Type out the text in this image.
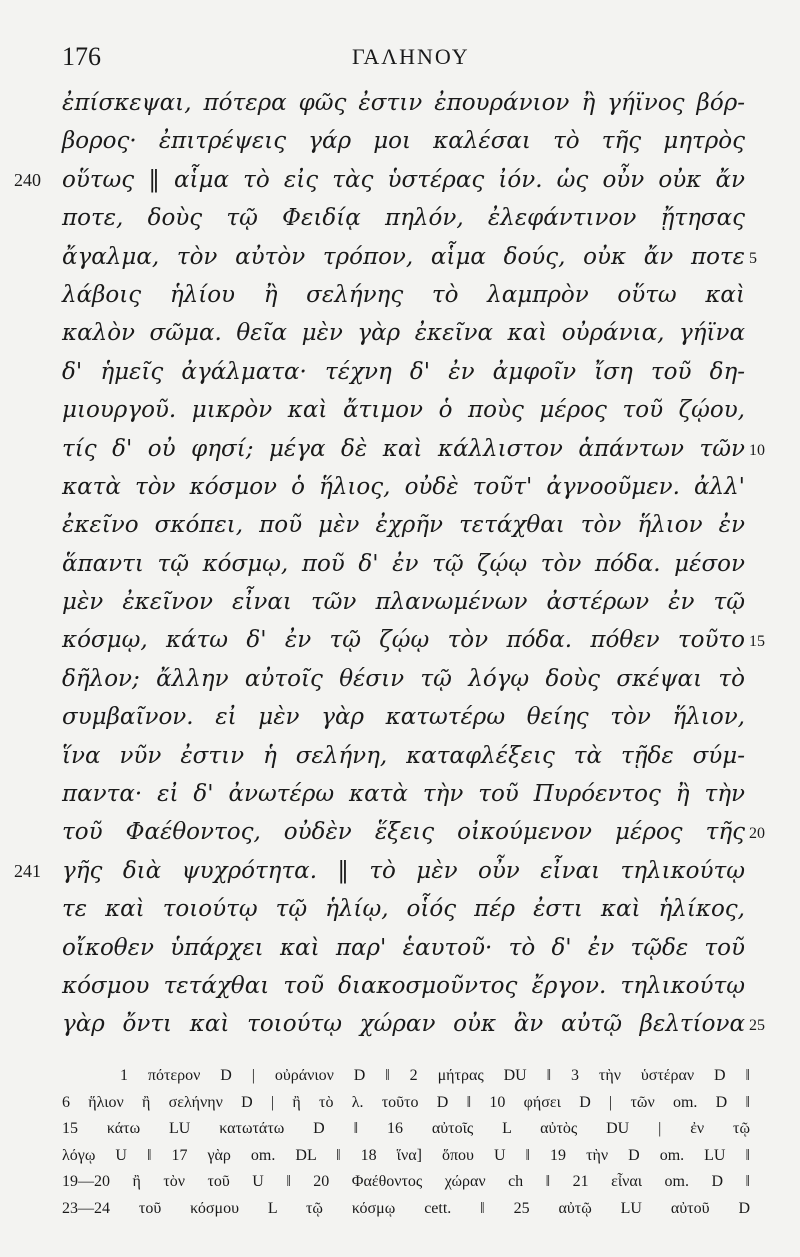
176	ΓΑΛΗΝΟΥ
ἐπίσκεψαι, πότερα φῶς ἐστιν ἐπουράνιον ἢ γήϊνος βόρ-
βορος· ἐπιτρέψεις γάρ μοι καλέσαι τὸ τῆς μητρὸς
240 οὕτως ‖ αἷμα τὸ εἰς τὰς ὑστέρας ἰόν. ὡς οὖν οὐκ ἄν
ποτε, δοὺς τῷ Φειδίᾳ πηλόν, ἐλεφάντινον ᾔτησας
ἄγαλμα, τὸν αὐτὸν τρόπον, αἷμα δούς, οὐκ ἄν ποτε 5
λάβοις ἡλίου ἢ σελήνης τὸ λαμπρὸν οὕτω καὶ
καλὸν σῶμα. θεῖα μὲν γὰρ ἐκεῖνα καὶ οὐράνια, γήϊνα
δ' ἡμεῖς ἀγάλματα· τέχνη δ' ἐν ἀμφοῖν ἴση τοῦ δη-
μιουργοῦ. μικρὸν καὶ ἄτιμον ὁ ποὺς μέρος τοῦ ζῴου,
τίς δ' οὐ φησί; μέγα δὲ καὶ κάλλιστον ἁπάντων τῶν 10
κατὰ τὸν κόσμον ὁ ἥλιος, οὐδὲ τοῦτ' ἀγνοοῦμεν. ἀλλ'
ἐκεῖνο σκόπει, ποῦ μὲν ἐχρῆν τετάχθαι τὸν ἥλιον ἐν
ἅπαντι τῷ κόσμῳ, ποῦ δ' ἐν τῷ ζῴῳ τὸν πόδα. μέσον
μὲν ἐκεῖνον εἶναι τῶν πλανωμένων ἀστέρων ἐν τῷ
κόσμῳ, κάτω δ' ἐν τῷ ζῴῳ τὸν πόδα. πόθεν τοῦτο 15
δῆλον; ἄλλην αὐτοῖς θέσιν τῷ λόγῳ δοὺς σκέψαι τὸ
συμβαῖνον. εἰ μὲν γὰρ κατωτέρω θείης τὸν ἥλιον,
ἵνα νῦν ἐστιν ἡ σελήνη, καταφλέξεις τὰ τῇδε σύμ-
παντα· εἰ δ' ἀνωτέρω κατὰ τὴν τοῦ Πυρόεντος ἢ τὴν
τοῦ Φαέθοντος, οὐδὲν ἕξεις οἰκούμενον μέρος τῆς 20
241 γῆς διὰ ψυχρότητα. ‖ τὸ μὲν οὖν εἶναι τηλικούτῳ
τε καὶ τοιούτῳ τῷ ἡλίῳ, οἷός πέρ ἐστι καὶ ἡλίκος,
οἴκοθεν ὑπάρχει καὶ παρ' ἑαυτοῦ· τὸ δ' ἐν τῷδε τοῦ
κόσμου τετάχθαι τοῦ διακοσμοῦντος ἔργον. τηλικούτῳ
γὰρ ὄντι καὶ τοιούτῳ χώραν οὐκ ἂν αὐτῷ βελτίονα 25
1 πότερον D | οὐράνιον D ‖ 2 μήτρας DU ‖ 3 τὴν ὑστέραν D ‖
6 ἥλιον ἢ σελήνην D | ἢ τὸ λ. τοῦτο D ‖ 10 φήσει D | τῶν om. D ‖
15 κάτω LU κατωτάτω D ‖ 16 αὐτοῖς L αὐτὸς DU | ἐν τῷ
λόγῳ U ‖ 17 γὰρ om. DL ‖ 18 ἵνα] ὅπου U ‖ 19 τὴν D om. LU ‖
19—20 ἢ τὸν τοῦ U ‖ 20 Φαέθοντος χώραν ch ‖ 21 εἶναι om. D ‖
23—24 τοῦ κόσμου L τῷ κόσμῳ cett. ‖ 25 αὐτῷ LU αὐτοῦ D
